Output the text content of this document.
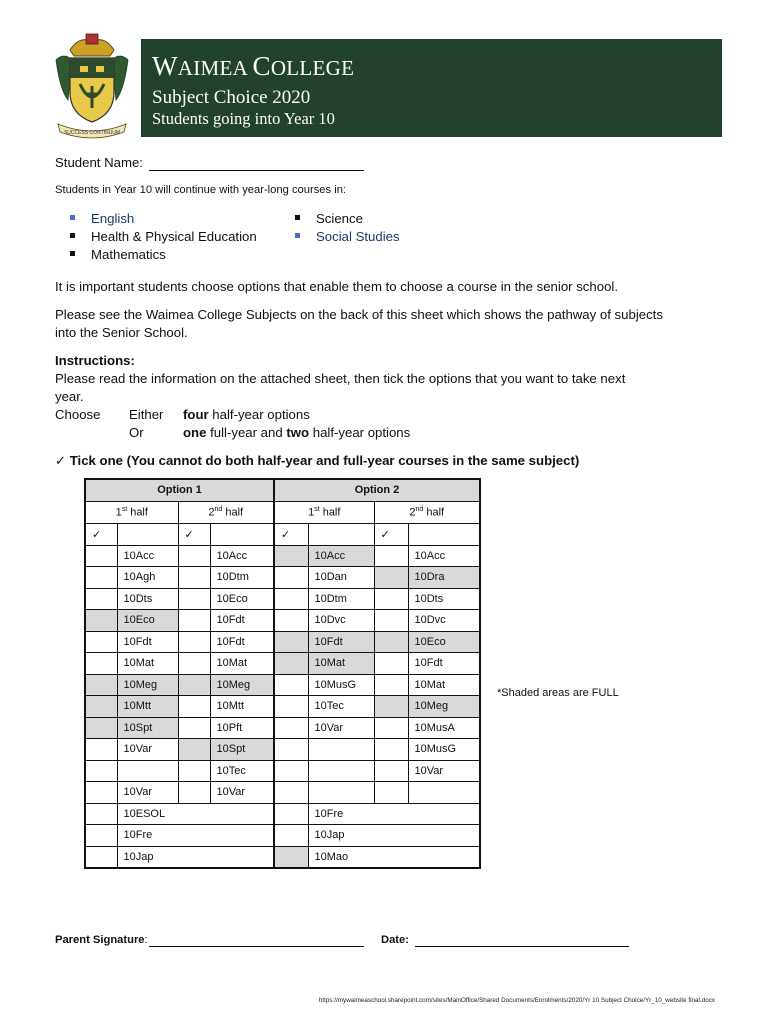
SUCCESS CONTINUUM
WAIMEA COLLEGE
Subject Choice 2020
Students going into Year 10
Student Name:
Students in Year 10 will continue with year-long courses in:
English
Health & Physical Education
Mathematics
Science
Social Studies
It is important students choose options that enable them to choose a course in the senior school.
Please see the Waimea College Subjects on the back of this sheet which shows the pathway of subjects
into the Senior School.
Instructions:
Please read the information on the attached sheet, then tick the options that you want to take next
year.
Choose Either four half-year options
Or	one full-year and two half-year options
✓ Tick one (You cannot do both half-year and full-year courses in the same subject)
Option 1				Option 2			
1st half		2nd half		1st half		2nd half	
✓		✓		✓		✓	
	10Acc		10Acc		10Acc		10Acc
	10Agh		10Dtm		10Dan		10Dra
	10Dts		10Eco		10Dtm		10Dts
	10Eco		10Fdt		10Dvc		10Dvc
	10Fdt		10Fdt		10Fdt		10Eco
	10Mat		10Mat		10Mat		10Fdt
	10Meg		10Meg		10MusG		10Mat
	10Mtt		10Mtt		10Tec		10Meg
	10Spt		10Pft		10Var		10MusA
	10Var		10Spt				10MusG
			10Tec				10Var
	10Var		10Var				
	10ESOL				10Fre		
	10Fre				10Jap		
	10Jap				10Mao		
*Shaded areas are FULL
Parent Signature:	Date:
https://mywaimeaschool.sharepoint.com/sites/MainOffice/Shared Documents/Enrolments/2020/Yr 10 Subject Choice/Yr_10_website final.docx
